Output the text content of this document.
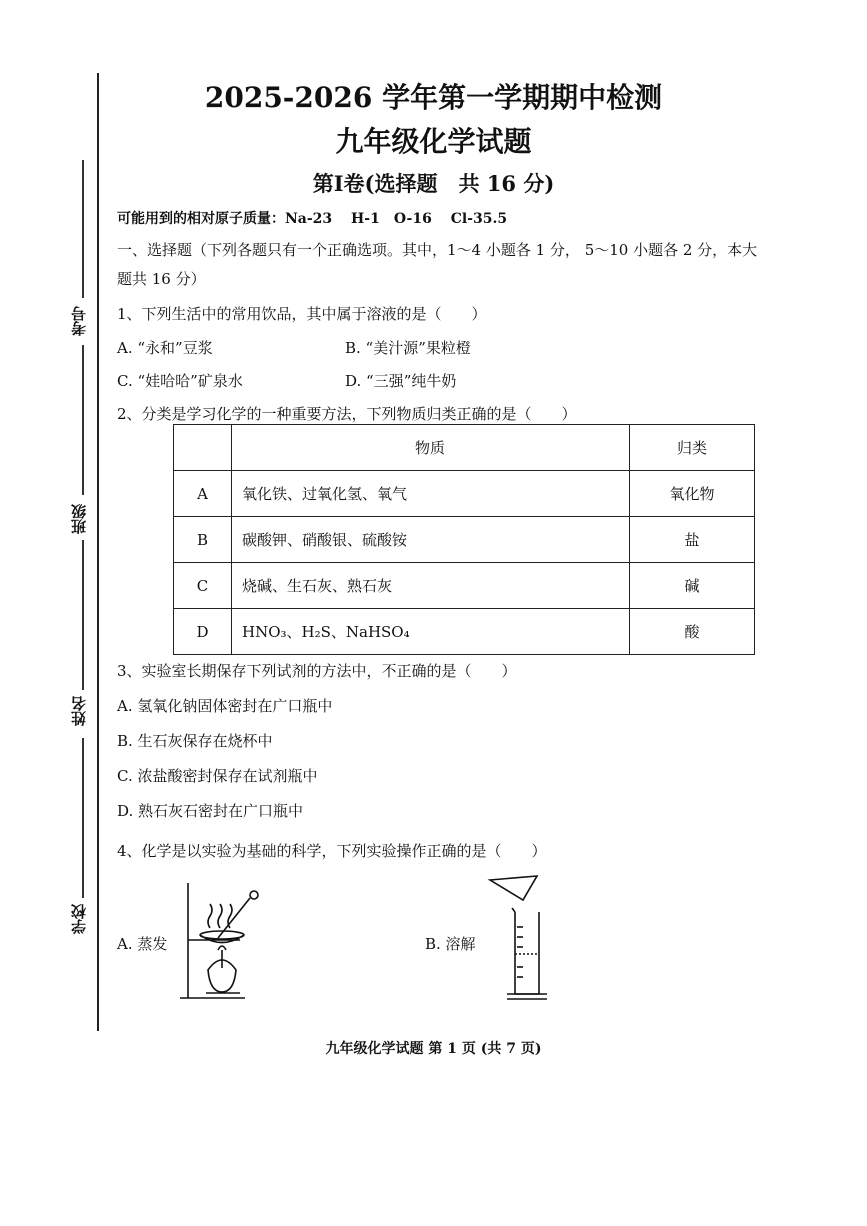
考号
班级
姓名
学校
2025-2026 学年第一学期期中检测
九年级化学试题
第Ⅰ卷(选择题　共 16 分)
可能用到的相对原子质量：Na-23　 H-1　O-16　 Cl-35.5
一、选择题（下列各题只有一个正确选项。其中，1～4 小题各 1 分， 5～10 小题各 2 分，本大
题共 16 分）
1、下列生活中的常用饮品，其中属于溶液的是（　　）
A. “永和”豆浆	B. “美汁源”果粒橙
C. “娃哈哈”矿泉水	D. “三强”纯牛奶
2、分类是学习化学的一种重要方法，下列物质归类正确的是（　　）
	物质	归类
A	氧化铁、过氧化氢、氧气	氧化物
B	碳酸钾、硝酸银、硫酸铵	盐
C	烧碱、生石灰、熟石灰	碱
D	HNO₃、H₂S、NaHSO₄	酸
3、实验室长期保存下列试剂的方法中，不正确的是（　　）
A. 氢氧化钠固体密封在广口瓶中
B. 生石灰保存在烧杯中
C. 浓盐酸密封保存在试剂瓶中
D. 熟石灰石密封在广口瓶中
4、化学是以实验为基础的科学，下列实验操作正确的是（　　）
A. 蒸发	B. 溶解
九年级化学试题 第 1 页 (共 7 页)
